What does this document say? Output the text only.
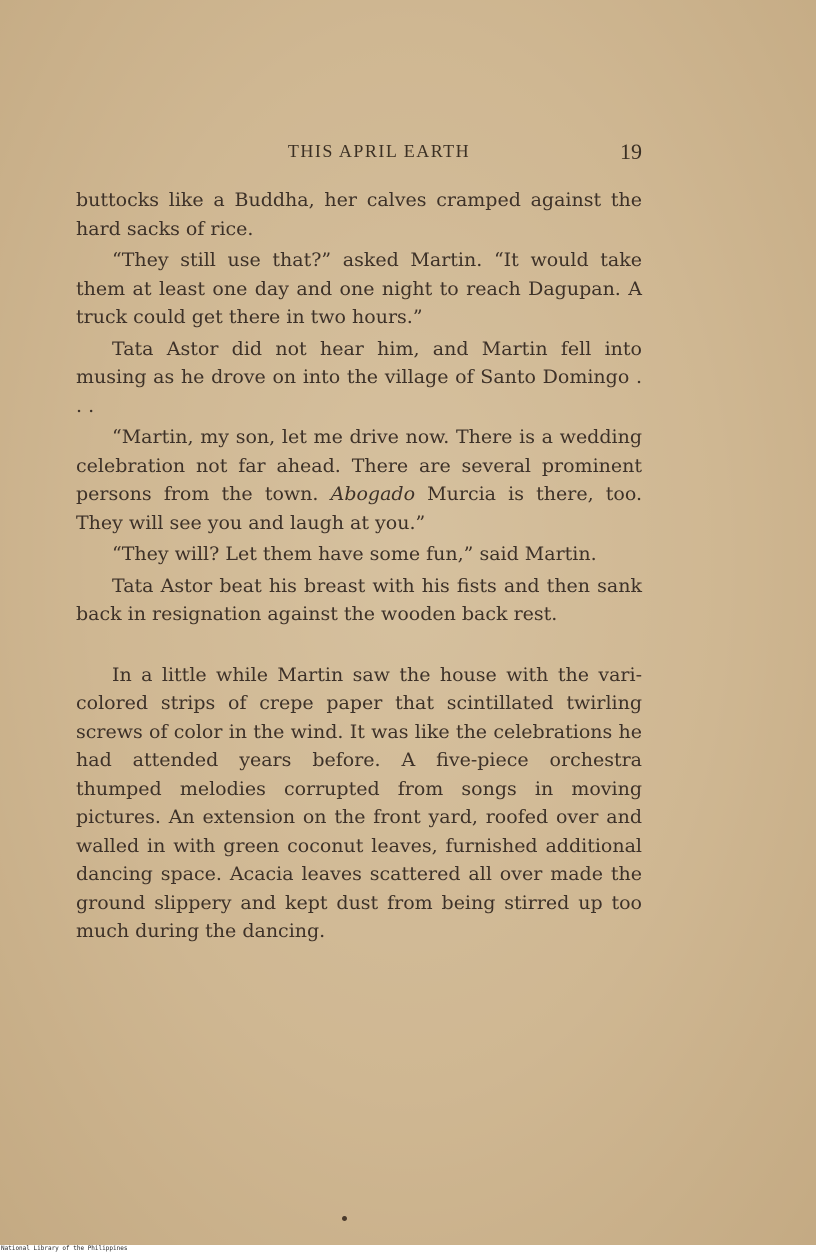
THIS APRIL EARTH	19

buttocks like a Buddha, her calves cramped against the hard sacks of rice.

“They still use that?” asked Martin. “It would take them at least one day and one night to reach Dagupan. A truck could get there in two hours.”

Tata Astor did not hear him, and Martin fell into musing as he drove on into the village of Santo Domingo . . .

“Martin, my son, let me drive now. There is a wedding celebration not far ahead. There are several prominent persons from the town. Abogado Murcia is there, too. They will see you and laugh at you.”

“They will? Let them have some fun,” said Martin.

Tata Astor beat his breast with his fists and then sank back in resignation against the wooden back rest.

In a little while Martin saw the house with the vari-colored strips of crepe paper that scintillated twirling screws of color in the wind. It was like the celebrations he had attended years before. A five-piece orchestra thumped melodies corrupted from songs in moving pictures. An extension on the front yard, roofed over and walled in with green coconut leaves, furnished additional dancing space. Acacia leaves scattered all over made the ground slippery and kept dust from being stirred up too much during the dancing.

National Library of the Philippines
